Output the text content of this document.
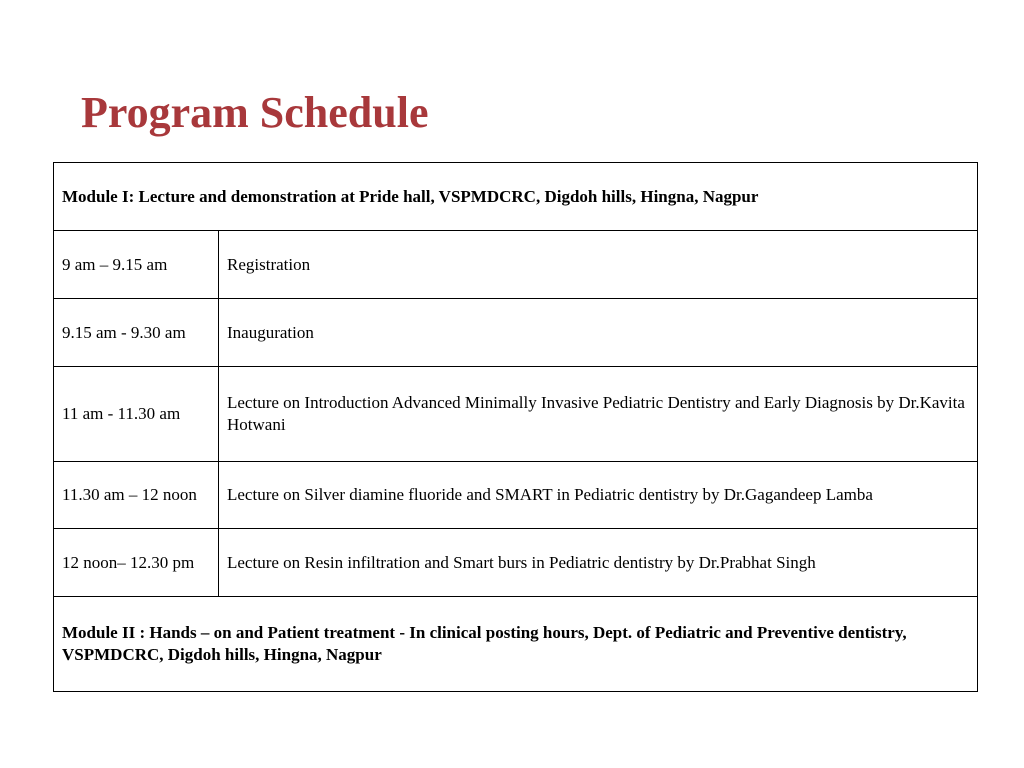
Program Schedule
Module I: Lecture and demonstration at Pride hall, VSPMDCRC, Digdoh hills, Hingna, Nagpur	
9 am – 9.15 am	Registration
9.15 am - 9.30 am	Inauguration
11 am - 11.30 am	Lecture on Introduction Advanced Minimally Invasive Pediatric Dentistry and Early Diagnosis by Dr.Kavita Hotwani
11.30 am – 12 noon	Lecture on Silver diamine fluoride and SMART in Pediatric dentistry by Dr.Gagandeep Lamba
12 noon– 12.30 pm	Lecture on Resin infiltration and Smart burs in Pediatric dentistry by Dr.Prabhat Singh
Module II : Hands – on and Patient treatment - In clinical posting hours, Dept. of Pediatric and Preventive dentistry, VSPMDCRC, Digdoh hills, Hingna, Nagpur	
